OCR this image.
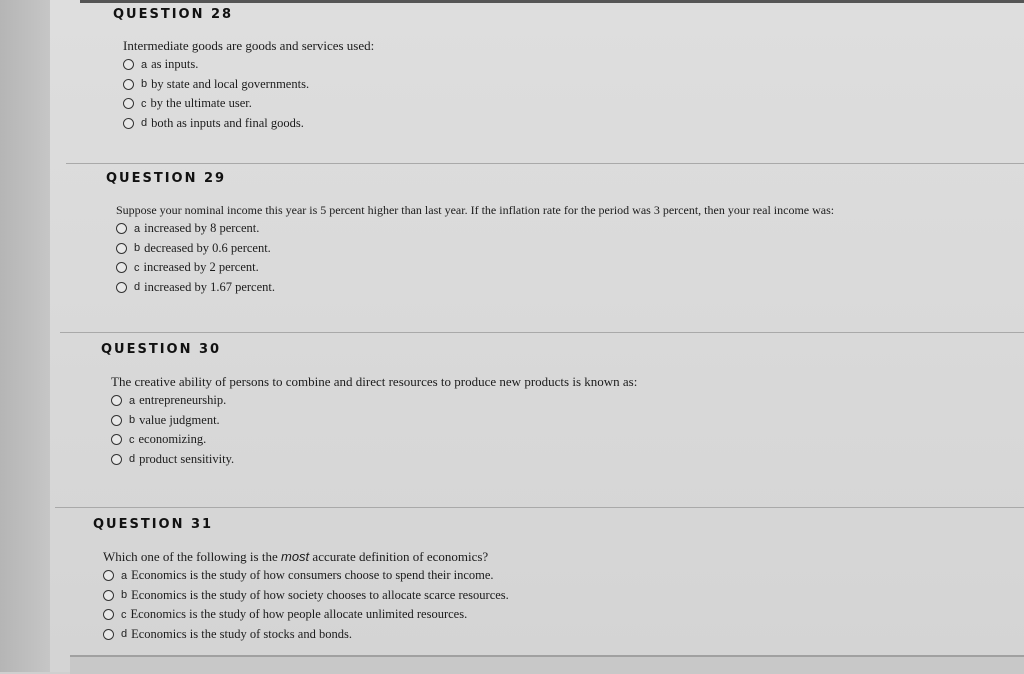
QUESTION 28
Intermediate goods are goods and services used:
a as inputs.
b by state and local governments.
c by the ultimate user.
d both as inputs and final goods.
QUESTION 29
Suppose your nominal income this year is 5 percent higher than last year. If the inflation rate for the period was 3 percent, then your real income was:
a increased by 8 percent.
b decreased by 0.6 percent.
c increased by 2 percent.
d increased by 1.67 percent.
QUESTION 30
The creative ability of persons to combine and direct resources to produce new products is known as:
a entrepreneurship.
b value judgment.
c economizing.
d product sensitivity.
QUESTION 31
Which one of the following is the most accurate definition of economics?
a Economics is the study of how consumers choose to spend their income.
b Economics is the study of how society chooses to allocate scarce resources.
c Economics is the study of how people allocate unlimited resources.
d Economics is the study of stocks and bonds.
